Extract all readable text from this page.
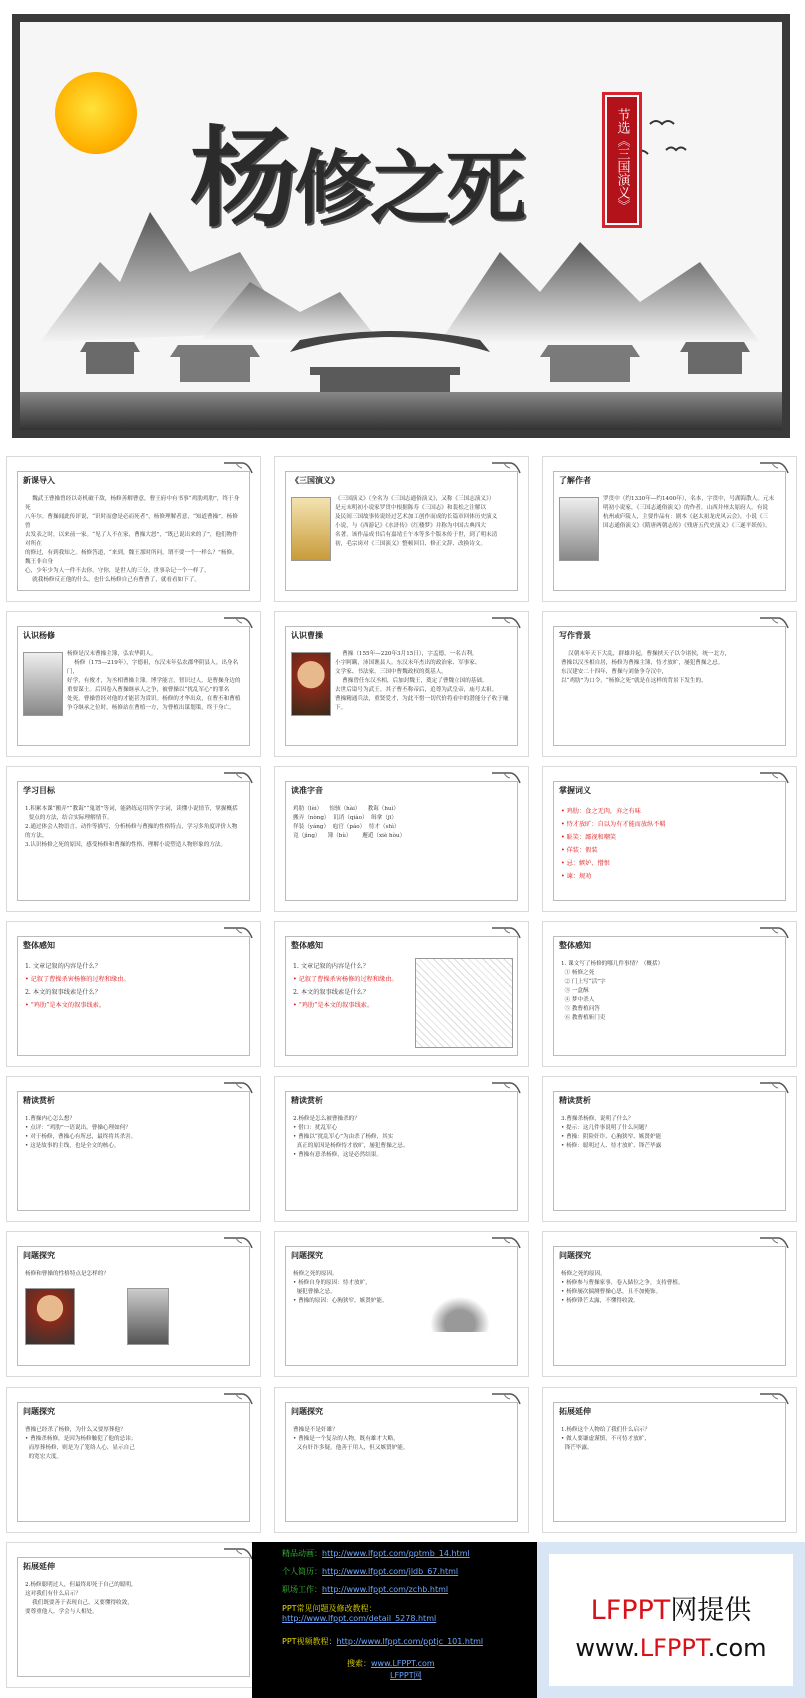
杨修之死	节选《三国演义》
新课导入
魏武王曹操曾经以奇机破千敌，杨修善解曹意，曹王府中有书事“鸡肋鸡肋”，终于身死
八年尔。曹操闻此传评说，“识时而愈是必而死者”，杨修理解者意，“知道曹操”。杨修曾
去发表之时，以来前一家。“见了人不在家，曹操大怒”，“既已说出来的了”，他们物件对所在
的修过，有到我知之。杨修答道，“来到，魏王那时所问，谓不要一个一样么？”杨修，魏王非自身
心，少年少为人一件不去你，守你，是世人的三分，世事杂记一个一样了。
就我杨修反正他的什么。也什么杨修自己有曹曹了，就看看如下了。
《三国演义》
《三国演义》（全名为《三国志通俗演义》，又称《三国志演义》）
是元末明初小说家罗贯中根据陈寿《三国志》和裴松之注解以
及民间三国故事传说经过艺术加工创作而成的长篇章回体历史演义
小说，与《西游记》《水浒传》《红楼梦》并称为中国古典四大
名著。该作品成书后有嘉靖壬午本等多个版本传于世，到了明末清
初，毛宗岗对《三国演义》整顿回目、修正文辞、改换诗文。
了解作者
罗贯中（约1330年—约1400年），名本，字贯中，号湖海散人。元末
明初小说家，《三国志通俗演义》的作者。山西并州太原府人。有说
杭州或庐陵人，主要作品有：剧本《赵太祖龙虎风云会》，小说《三
国志通俗演义》《隋唐两朝志传》《残唐五代史演义》《三遂平妖传》。
认识杨修
杨修是汉末曹操主簿，弘农华阴人。
杨修（175—219年），字德祖，东汉末年弘农郡华阴县人。出身名门，
好学，有俊才，为丞相曹操主簿。博学能言，智识过人。是曹操身边的
重要谋士。后因卷入曹操继承人之争，被曹操以“扰乱军心”的罪名
处死。曹操曾经对他的才能甚为赏识。杨修的才华出众，在曹丕和曹植
争夺继承之位时，杨修站在曹植一方，为曹植出谋划策，终于身亡。
认识曹操
曹操（155年—220年3月15日），字孟德，一名吉利，
小字阿瞒，沛国谯县人。东汉末年杰出的政治家、军事家、
文学家、书法家，三国中曹魏政权的奠基人。
曹操曾任东汉丞相，后加封魏王，奠定了曹魏立国的基础。
去世后谥号为武王。其子曹丕称帝后，追尊为武皇帝，庙号太祖。
曹操精通兵法，重贤爱才，为此不惜一切代价将看中的潜能分子收于麾下。
写作背景
汉朝末年天下大乱，群雄并起，曹操挟天子以令诸侯，统一北方，
曹操以汉丞相自居，杨修为曹操主簿，恃才放旷，屡犯曹操之忌。
东汉建安二十四年，曹操与刘备争夺汉中，
以“鸡肋”为口令，“杨修之死”就是在这样的背景下发生的。
学习目标
1.积累本课“搬弄”“教诲”“鬼谱”等词，能熟练运用所学字词，读懂小说情节，掌握概括
要点的方法，结合实际理解情节。
2.通过体会人物语言、动作等描写，分析杨修与曹操的性格特点，学习多角度评价人物的方法。
3.认识杨修之死的原因，感受杨修和曹操的性格，理解小说塑造人物形象的方法。
读准字音
鸡肋（lèi）    惊骇（hài）    教诲（huì）
搬弄（nòng）  讥诮（qiào）  缉拿（jī）
佯装（yáng）  庖官（páo）  恃才（shì）
竟（jìng）    簿（bù）      邂逅（xiè hòu）
掌握词义
• 鸡肋：食之无肉，弃之有味
• 恃才放旷：自以为有才能而放纵不羁
• 耻笑：鄙视和嘲笑
• 佯装：假装
• 忌：嫉妒、憎恨
• 谏：规劝
整体感知
1. 文章记叙的内容是什么？
• 记叙了曹操杀害杨修的过程和缘由。
2. 本文的叙事线索是什么？
• “鸡肋”是本文的叙事线索。
整体感知
1. 文章记叙的内容是什么？
• 记叙了曹操杀害杨修的过程和缘由。
2. 本文的叙事线索是什么？
• “鸡肋”是本文的叙事线索。
整体感知
1. 课文写了杨修的哪几件事情？（概括）
① 杨修之死
② 门上写“活”字
③ 一盒酥
④ 梦中杀人
⑤ 教曹植问答
⑥ 教曹植斩门吏
精读赏析
1.曹操内心怎么想？
• 点评：“鸡肋”一语说出，曹操心理如何？
• 对于杨修，曹操心有所忌，最终将其杀害。
• 这是故事的主线，也是全文的核心。
精读赏析
2.杨修是怎么被曹操杀的？
• 借口：扰乱军心
• 曹操以“扰乱军心”为由杀了杨修，其实
真正的原因是杨修恃才放旷，屡犯曹操之忌。
• 曹操有意杀杨修，这是必然结果。
精读赏析
3.曹操杀杨修，说明了什么？
• 提示：这几件事说明了什么问题？
• 曹操：阴险奸诈、心胸狭窄、嫉贤妒能
• 杨修：聪明过人、恃才放旷、锋芒毕露
问题探究
杨修和曹操的性格特点是怎样的？
问题探究
杨修之死的原因。
• 杨修自身的原因：恃才放旷，
屡犯曹操之忌。
• 曹操的原因：心胸狭窄，嫉贤妒能。
问题探究
杨修之死的原因。
• 杨修参与曹操家事，卷入储位之争，支持曹植。
• 杨修屡次揣测曹操心思，且不加掩饰。
• 杨修锋芒太露，不懂得收敛。
问题探究
曹操已经杀了杨修，为什么又要厚葬他？
• 曹操杀杨修，是因为杨修触犯了他的忌讳；
而厚葬杨修，则是为了笼络人心，显示自己
的宽宏大度。
问题探究
曹操是不是奸雄？
• 曹操是一个复杂的人物，既有雄才大略，
又有奸诈多疑。他善于用人，但又嫉贤妒能。
拓展延伸
1.杨修这个人物给了我们什么启示？
• 做人要谦虚谨慎，不可恃才放旷，
锋芒毕露。
拓展延伸
2.杨修聪明过人，但最终却死于自己的聪明，
这对我们有什么启示？
我们既要善于表现自己，又要懂得收敛，
要尊重他人，学会与人相处。
精品动画：http://www.lfppt.com/pptmb_14.html
个人简历：http://www.lfppt.com/jldb_67.html
职场工作：http://www.lfppt.com/zchb.html
PPT常见问题及修改教程：
http://www.lfppt.com/detail_5278.html
PPT视频教程：http://www.lfppt.com/pptjc_101.html
搜索：www.LFPPT.com
LFPPT网
LFPPT网提供
www.LFPPT.com
